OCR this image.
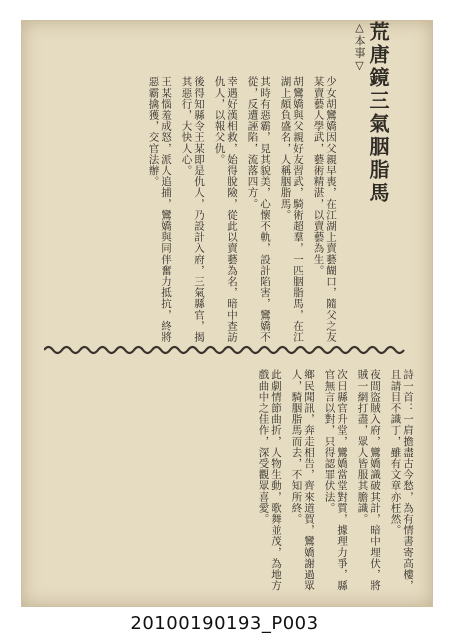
荒唐鏡三氣胭脂馬
△本事▽

少女胡鸞嬌因父親早喪，在江湖上賣藝餬口，隨父之友某賣藝人學武，藝術精湛，以賣藝為生。

胡鸞嬌與父親好友習武，騎術超羣，一匹胭脂馬，在江湖上頗負盛名，人稱胭脂馬。

其時有惡霸，見其貌美，心懷不軌，設計陷害，鸞嬌不從，反遭誣陷，流落四方。

幸遇好漢相救，始得脫險，從此以賣藝為名，暗中查訪仇人，以報父仇。

後得知縣令王某即是仇人，乃設計入府，三氣縣官，揭其惡行，大快人心。

王某惱羞成怒，派人追捕，鸞嬌與同伴奮力抵抗，終將惡霸擒獲，交官法辦。

詩一首：一肩擔盡古今愁，為有情書寄高樓，且請目不識丁，雖有文章亦枉然。

夜間盜賊入府，鸞嬌識破其計，暗中埋伏，將賊一網打盡，眾人皆服其膽識。

次日縣官升堂，鸞嬌當堂對質，據理力爭，縣官無言以對，只得認罪伏法。

鄉民聞訊，奔走相告，齊來道賀，鸞嬌謝過眾人，騎胭脂馬而去，不知所終。

此劇情節曲折，人物生動，歌舞並茂，為地方戲曲中之佳作，深受觀眾喜愛。

20100190193_P003
